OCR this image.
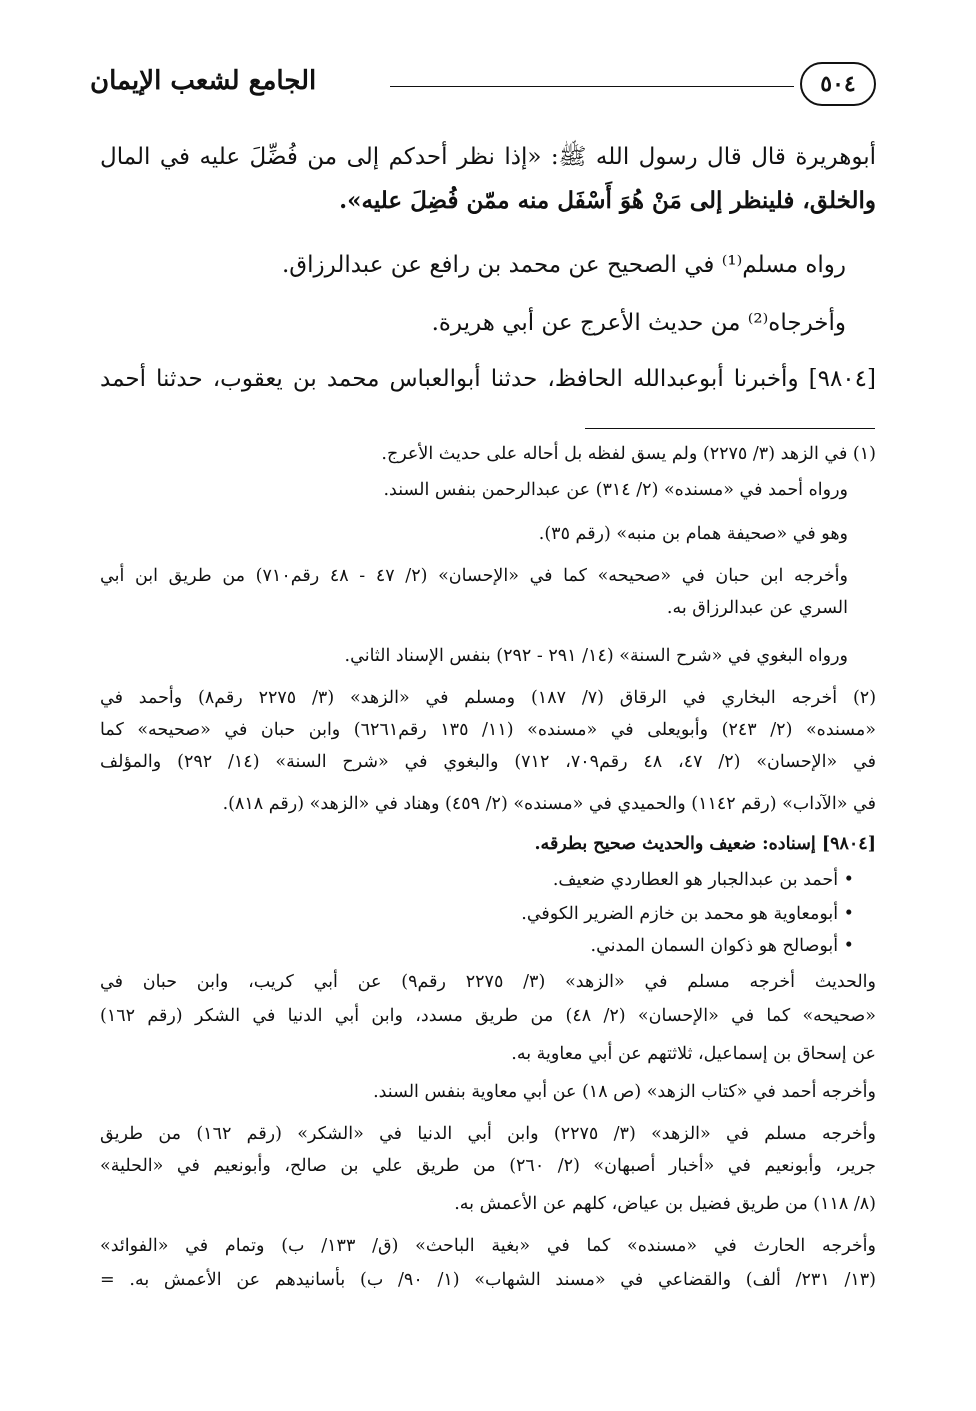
الجامع لشعب الإيمان	٥٠٤
أبوهريرة قال قال رسول الله ﷺ: «إذا نظر أحدكم إلى من فُضِّلَ عليه في المال
والخلق، فلينظر إلى مَنْ هُوَ أَسْفَل منه ممّن فُضِلَ عليه».
رواه مسلم⁽¹⁾ في الصحيح عن محمد بن رافع عن عبدالرزاق.
وأخرجاه⁽²⁾ من حديث الأعرج عن أبي هريرة.
[٩٨٠٤] وأخبرنا أبوعبدالله الحافظ، حدثنا أبوالعباس محمد بن يعقوب، حدثنا أحمد
(١) في الزهد (٣/ ٢٢٧٥) ولم يسق لفظه بل أحاله على حديث الأعرج.
ورواه أحمد في «مسنده» (٢/ ٣١٤) عن عبدالرحمن بنفس السند.
وهو في «صحيفة همام بن منبه» (رقم ٣٥).
وأخرجه ابن حبان في «صحيحه» كما في «الإحسان» (٢/ ٤٧ - ٤٨ رقم٧١٠) من طريق ابن أبي
السري عن عبدالرزاق به.
ورواه البغوي في «شرح السنة» (١٤/ ٢٩١ - ٢٩٢) بنفس الإسناد الثاني.
(٢) أخرجه البخاري في الرقاق (٧/ ١٨٧) ومسلم في «الزهد» (٣/ ٢٢٧٥ رقم٨) وأحمد في
«مسنده» (٢/ ٢٤٣) وأبويعلى في «مسنده» (١١/ ١٣٥ رقم٦٢٦١) وابن حبان في «صحيحه» كما
في «الإحسان» (٢/ ٤٧، ٤٨ رقم٧٠٩، ٧١٢) والبغوي في «شرح السنة» (١٤/ ٢٩٢) والمؤلف
في «الآداب» (رقم ١١٤٢) والحميدي في «مسنده» (٢/ ٤٥٩) وهناد في «الزهد» (رقم ٨١٨).
[٩٨٠٤] إسناده: ضعيف والحديث صحيح بطرقه.
• أحمد بن عبدالجبار هو العطاردي ضعيف.
• أبومعاوية هو محمد بن خازم الضرير الكوفي.
• أبوصالح هو ذكوان السمان المدني.
والحديث أخرجه مسلم في «الزهد» (٣/ ٢٢٧٥ رقم٩) عن أبي كريب، وابن حبان في
«صحيحه» كما في «الإحسان» (٢/ ٤٨) من طريق مسدد، وابن أبي الدنيا في الشكر (رقم ١٦٢)
عن إسحاق بن إسماعيل، ثلاثتهم عن أبي معاوية به.
وأخرجه أحمد في «كتاب الزهد» (ص ١٨) عن أبي معاوية بنفس السند.
وأخرجه مسلم في «الزهد» (٣/ ٢٢٧٥) وابن أبي الدنيا في «الشكر» (رقم ١٦٢) من طريق
جرير، وأبونعيم في «أخبار أصبهان» (٢/ ٢٦٠) من طريق علي بن صالح، وأبونعيم في «الحلية»
(٨/ ١١٨) من طريق فضيل بن عياض، كلهم عن الأعمش به.
وأخرجه الحارث في «مسنده» كما في «بغية الباحث» (ق/ ١٣٣/ ب) وتمام في «الفوائد»
(١٣/ ٢٣١/ ألف) والقضاعي في «مسند الشهاب» (١/ ٩٠/ ب) بأسانيدهم عن الأعمش به. =
